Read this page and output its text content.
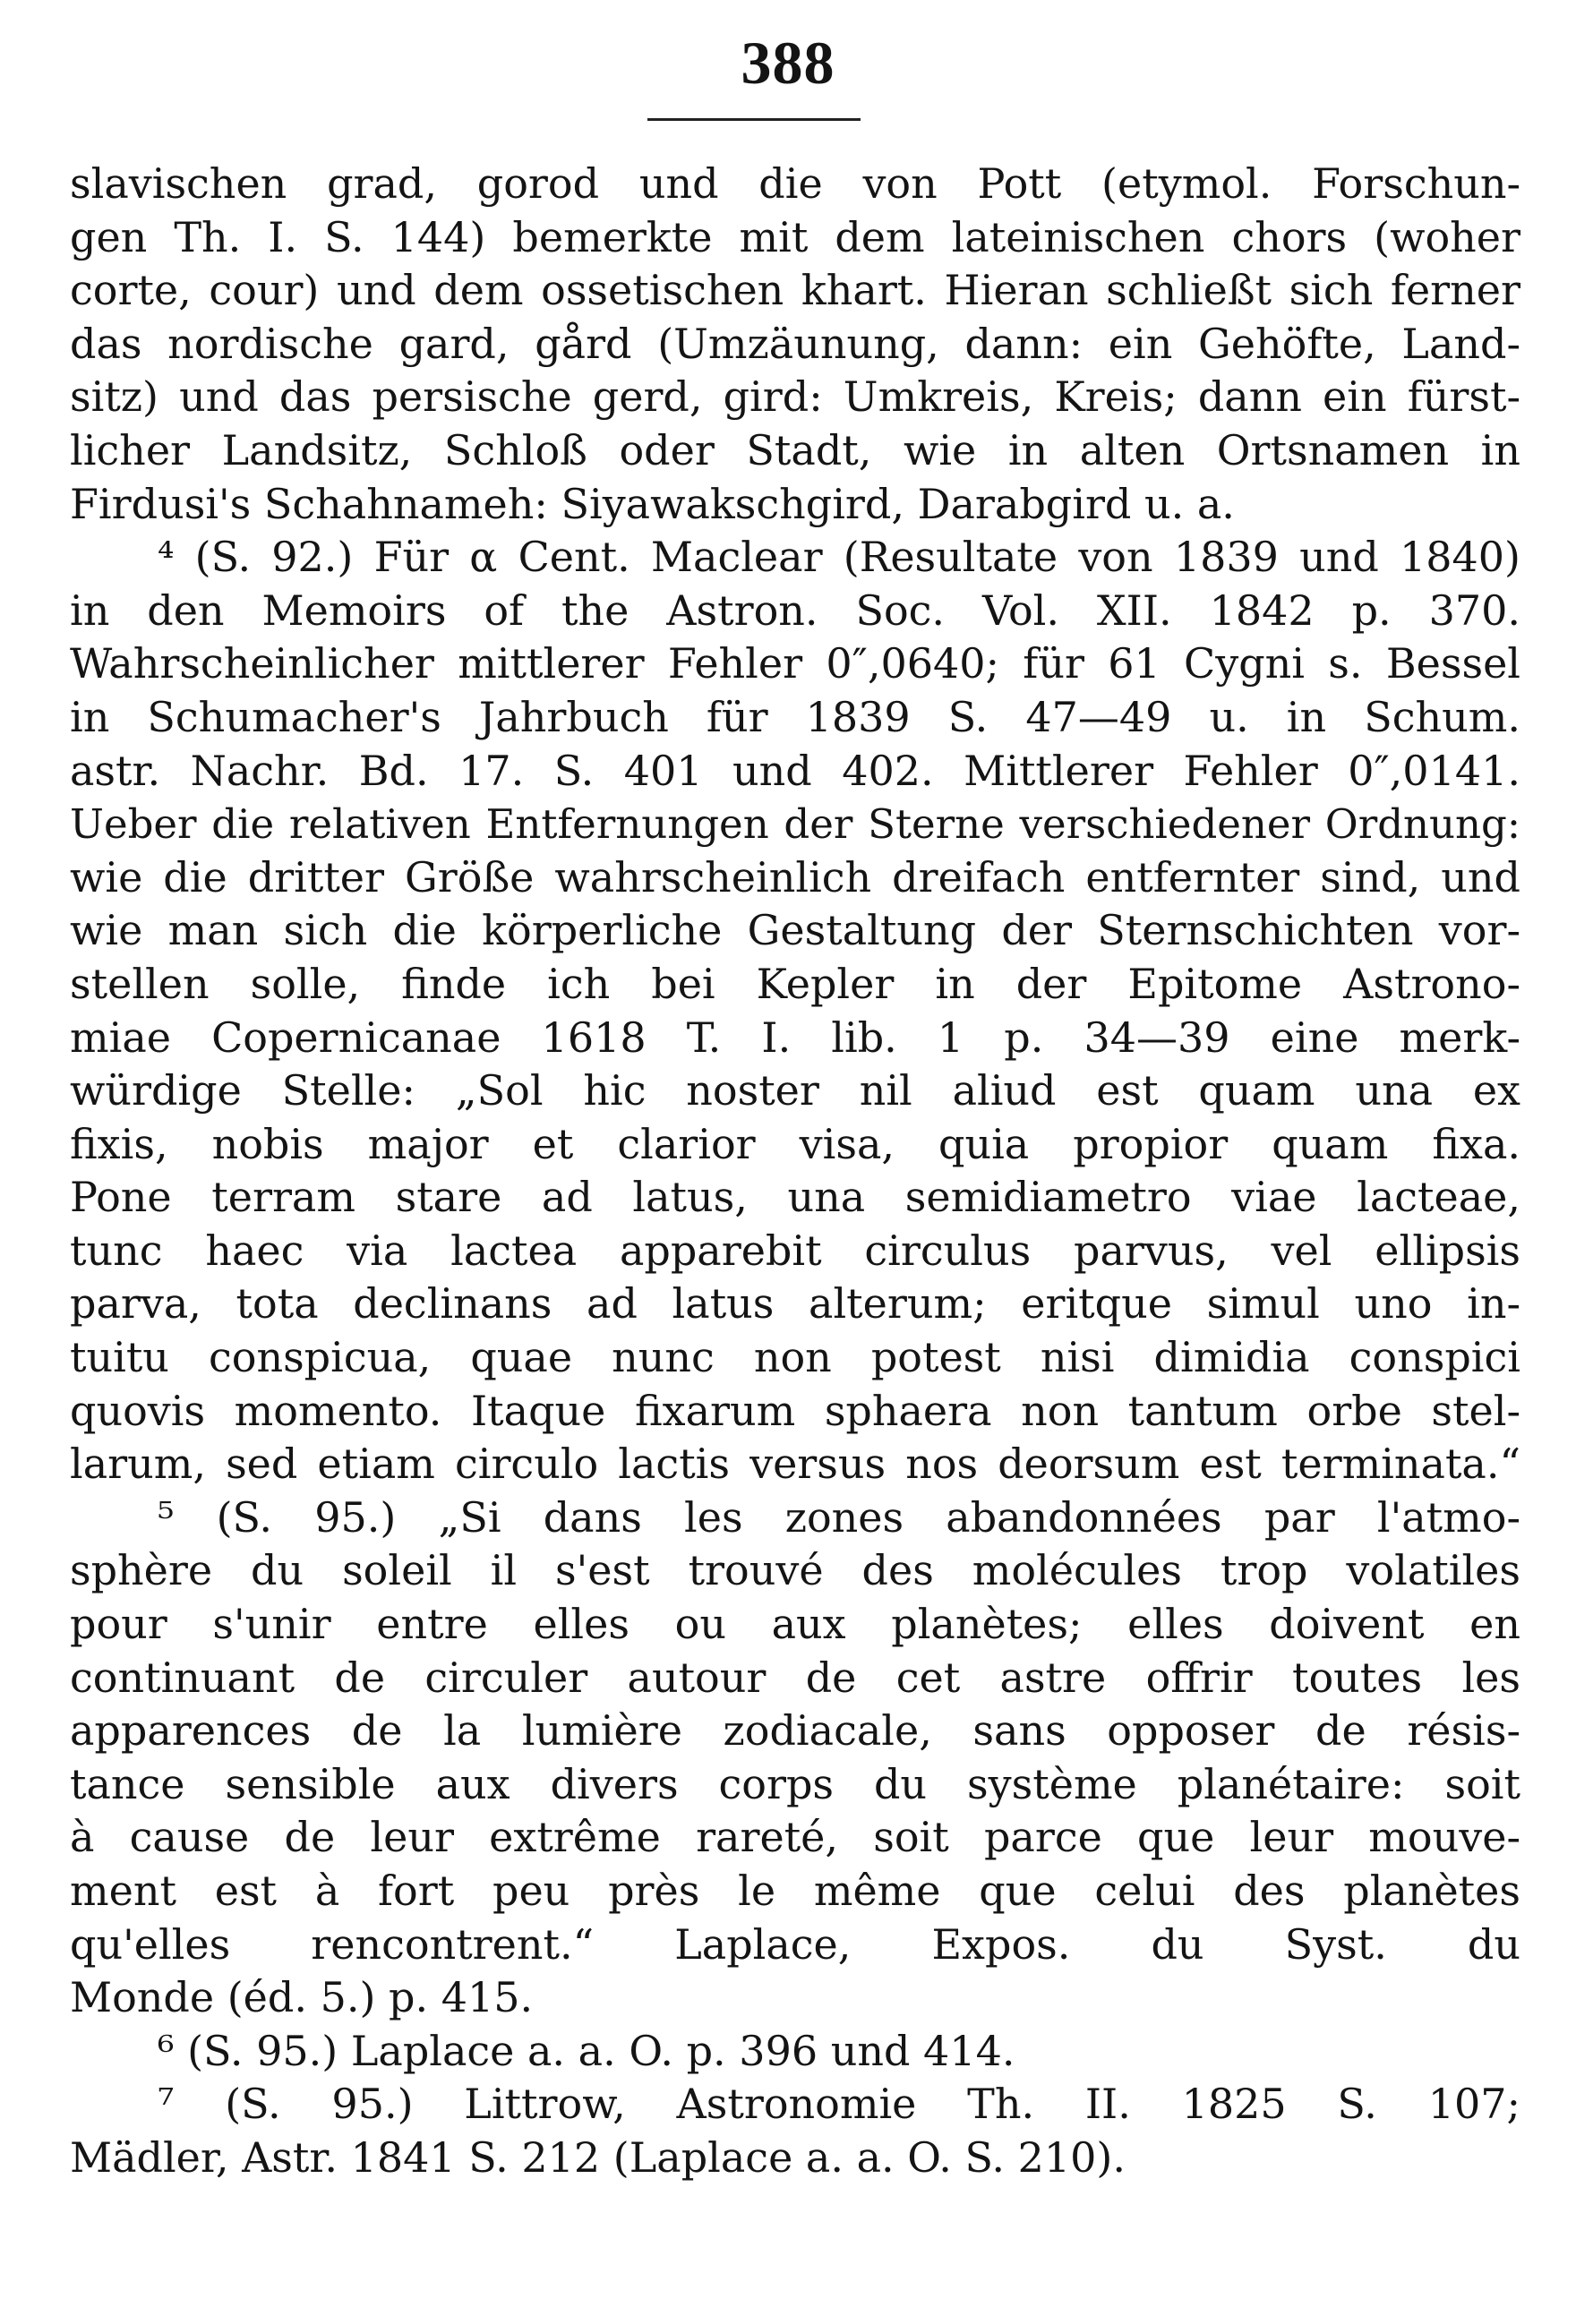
388
slavischen grad, gorod und die von Pott (etymol. Forschun-
gen Th. I. S. 144) bemerkte mit dem lateinischen chors (woher
corte, cour) und dem ossetischen khart. Hieran schließt sich ferner
das nordische gard, gård (Umzäunung, dann: ein Gehöfte, Land-
sitz) und das persische gerd, gird: Umkreis, Kreis; dann ein fürst-
licher Landsitz, Schloß oder Stadt, wie in alten Ortsnamen in
Firdusi's Schahnameh: Siyawakschgird, Darabgird u. a.
⁴ (S. 92.) Für α Cent. Maclear (Resultate von 1839 und 1840)
in den Memoirs of the Astron. Soc. Vol. XII. 1842 p. 370.
Wahrscheinlicher mittlerer Fehler 0″,0640; für 61 Cygni s. Bessel
in Schumacher's Jahrbuch für 1839 S. 47—49 u. in Schum.
astr. Nachr. Bd. 17. S. 401 und 402. Mittlerer Fehler 0″,0141.
Ueber die relativen Entfernungen der Sterne verschiedener Ordnung:
wie die dritter Größe wahrscheinlich dreifach entfernter sind, und
wie man sich die körperliche Gestaltung der Sternschichten vor-
stellen solle, finde ich bei Kepler in der Epitome Astrono-
miae Copernicanae 1618 T. I. lib. 1 p. 34—39 eine merk-
würdige Stelle: „Sol hic noster nil aliud est quam una ex
fixis, nobis major et clarior visa, quia propior quam fixa.
Pone terram stare ad latus, una semidiametro viae lacteae,
tunc haec via lactea apparebit circulus parvus, vel ellipsis
parva, tota declinans ad latus alterum; eritque simul uno in-
tuitu conspicua, quae nunc non potest nisi dimidia conspici
quovis momento. Itaque fixarum sphaera non tantum orbe stel-
larum, sed etiam circulo lactis versus nos deorsum est terminata.“
⁵ (S. 95.) „Si dans les zones abandonnées par l'atmo-
sphère du soleil il s'est trouvé des molécules trop volatiles
pour s'unir entre elles ou aux planètes; elles doivent en
continuant de circuler autour de cet astre offrir toutes les
apparences de la lumière zodiacale, sans opposer de résis-
tance sensible aux divers corps du système planétaire: soit
à cause de leur extrême rareté, soit parce que leur mouve-
ment est à fort peu près le même que celui des planètes
qu'elles rencontrent.“ Laplace, Expos. du Syst. du
Monde (éd. 5.) p. 415.
⁶ (S. 95.) Laplace a. a. O. p. 396 und 414.
⁷ (S. 95.) Littrow, Astronomie Th. II. 1825 S. 107;
Mädler, Astr. 1841 S. 212 (Laplace a. a. O. S. 210).
